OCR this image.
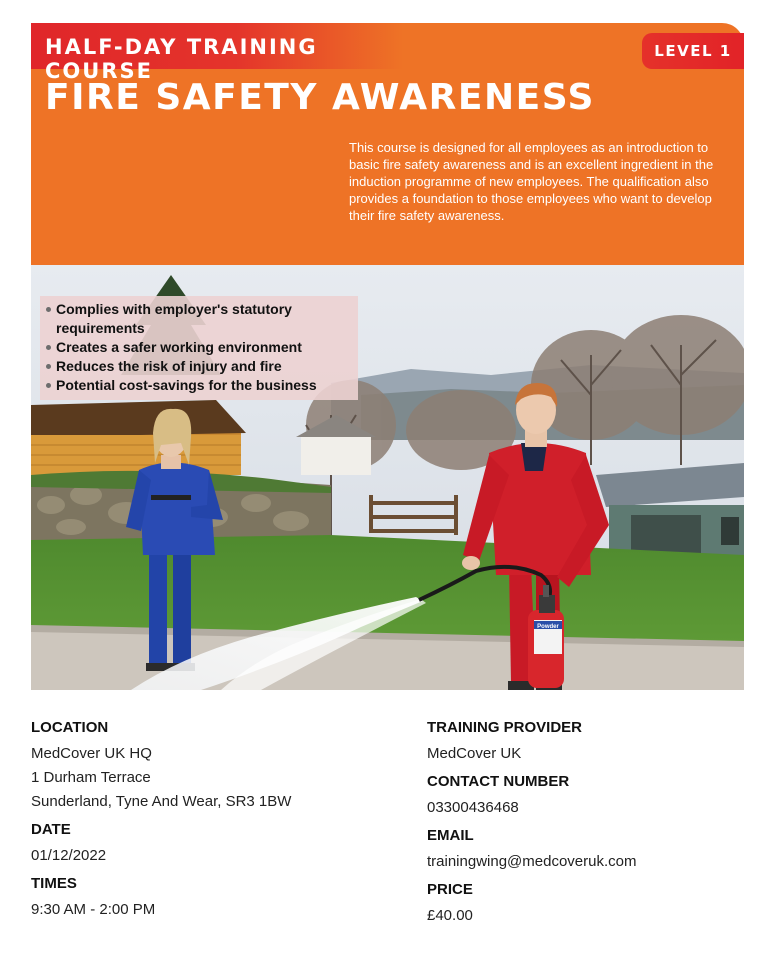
HALF-DAY TRAINING COURSE
LEVEL 1
FIRE SAFETY AWARENESS

This course is designed for all employees as an introduction to basic fire safety awareness and is an excellent ingredient in the induction programme of new employees. The qualification also provides a foundation to those employees who want to develop their fire safety awareness.

Powder
Complies with employer's statutory requirements
Creates a safer working environment
Reduces the risk of injury and fire
Potential cost-savings for the business
LOCATION
MedCover UK HQ
1 Durham Terrace
Sunderland, Tyne And Wear, SR3 1BW
DATE
01/12/2022
TIMES
9:30 AM - 2:00 PM
TRAINING PROVIDER
MedCover UK
CONTACT NUMBER
03300436468
EMAIL
trainingwing@medcoveruk.com
PRICE
£40.00
